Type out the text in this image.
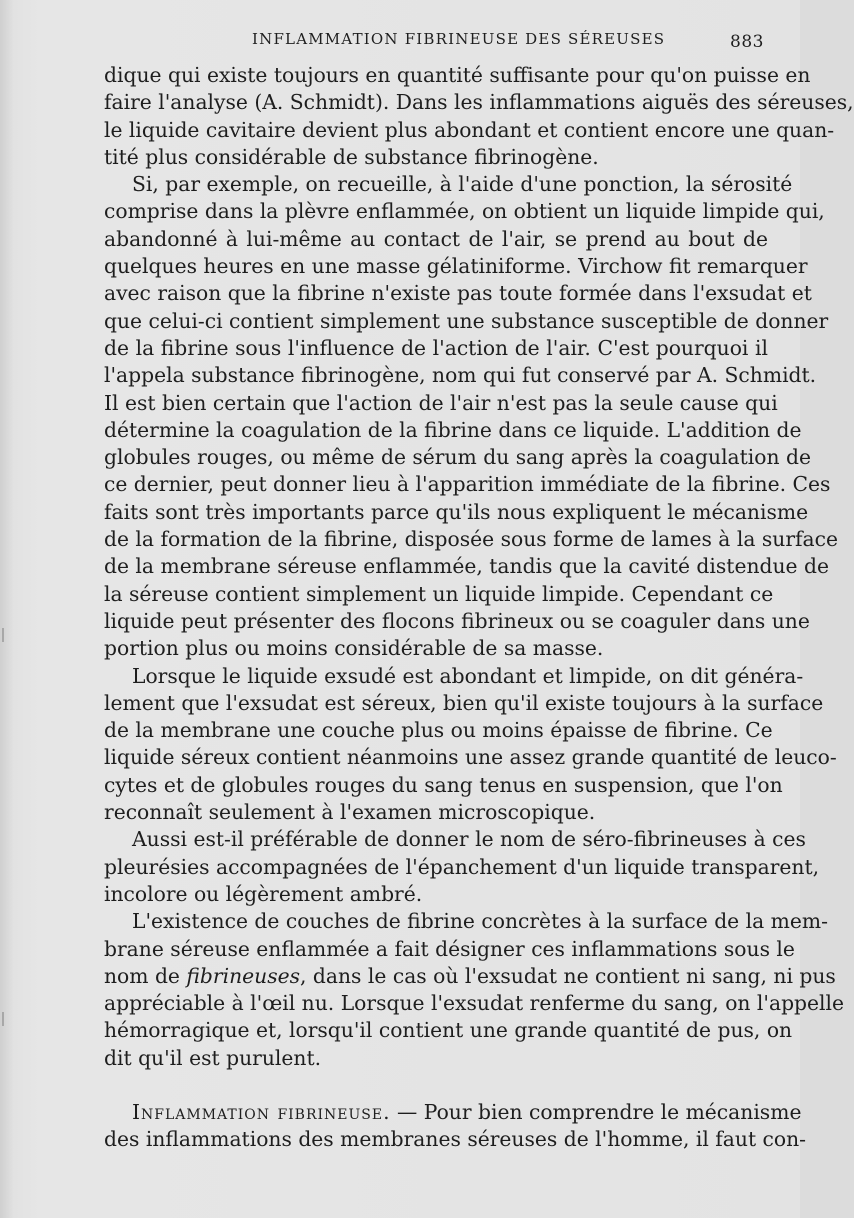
INFLAMMATION FIBRINEUSE DES SÉREUSES	883
dique qui existe toujours en quantité suffisante pour qu'on puisse en
faire l'analyse (A. Schmidt). Dans les inflammations aiguës des séreuses,
le liquide cavitaire devient plus abondant et contient encore une quan-
tité plus considérable de substance fibrinogène.
Si, par exemple, on recueille, à l'aide d'une ponction, la sérosité
comprise dans la plèvre enflammée, on obtient un liquide limpide qui,
abandonné à lui-même au contact de l'air, se prend au bout de
quelques heures en une masse gélatiniforme. Virchow fit remarquer
avec raison que la fibrine n'existe pas toute formée dans l'exsudat et
que celui-ci contient simplement une substance susceptible de donner
de la fibrine sous l'influence de l'action de l'air. C'est pourquoi il
l'appela substance fibrinogène, nom qui fut conservé par A. Schmidt.
Il est bien certain que l'action de l'air n'est pas la seule cause qui
détermine la coagulation de la fibrine dans ce liquide. L'addition de
globules rouges, ou même de sérum du sang après la coagulation de
ce dernier, peut donner lieu à l'apparition immédiate de la fibrine. Ces
faits sont très importants parce qu'ils nous expliquent le mécanisme
de la formation de la fibrine, disposée sous forme de lames à la surface
de la membrane séreuse enflammée, tandis que la cavité distendue de
la séreuse contient simplement un liquide limpide. Cependant ce
liquide peut présenter des flocons fibrineux ou se coaguler dans une
portion plus ou moins considérable de sa masse.
Lorsque le liquide exsudé est abondant et limpide, on dit généra-
lement que l'exsudat est séreux, bien qu'il existe toujours à la surface
de la membrane une couche plus ou moins épaisse de fibrine. Ce
liquide séreux contient néanmoins une assez grande quantité de leuco-
cytes et de globules rouges du sang tenus en suspension, que l'on
reconnaît seulement à l'examen microscopique.
Aussi est-il préférable de donner le nom de séro-fibrineuses à ces
pleurésies accompagnées de l'épanchement d'un liquide transparent,
incolore ou légèrement ambré.
L'existence de couches de fibrine concrètes à la surface de la mem-
brane séreuse enflammée a fait désigner ces inflammations sous le
nom de fibrineuses, dans le cas où l'exsudat ne contient ni sang, ni pus
appréciable à l'œil nu. Lorsque l'exsudat renferme du sang, on l'appelle
hémorragique et, lorsqu'il contient une grande quantité de pus, on
dit qu'il est purulent.
Inflammation fibrineuse. — Pour bien comprendre le mécanisme
des inflammations des membranes séreuses de l'homme, il faut con-
